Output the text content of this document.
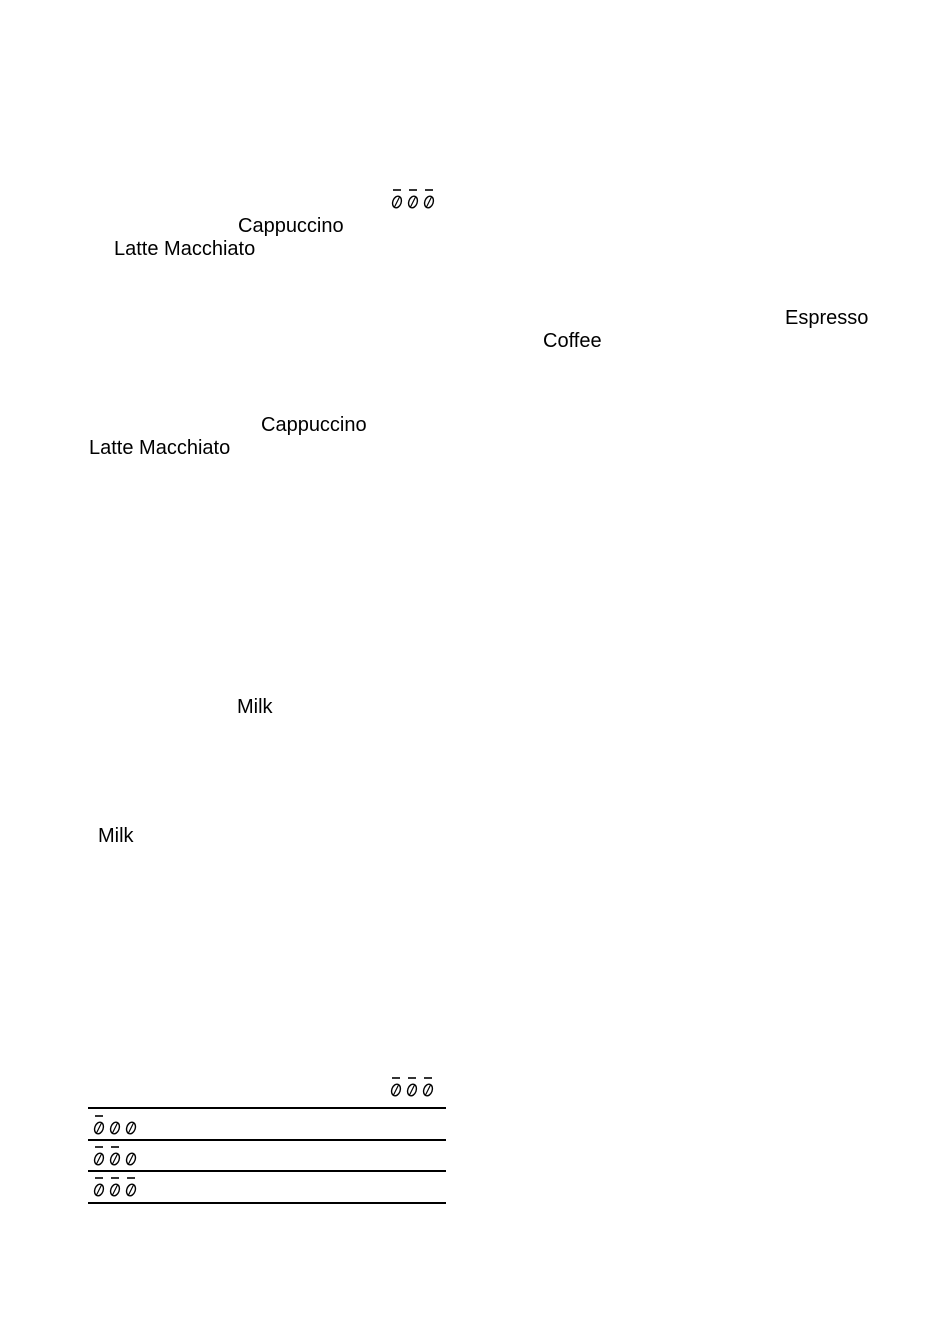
Cappuccino
Latte Macchiato
Espresso
Coffee
Cappuccino
Latte Macchiato
Milk
Milk
